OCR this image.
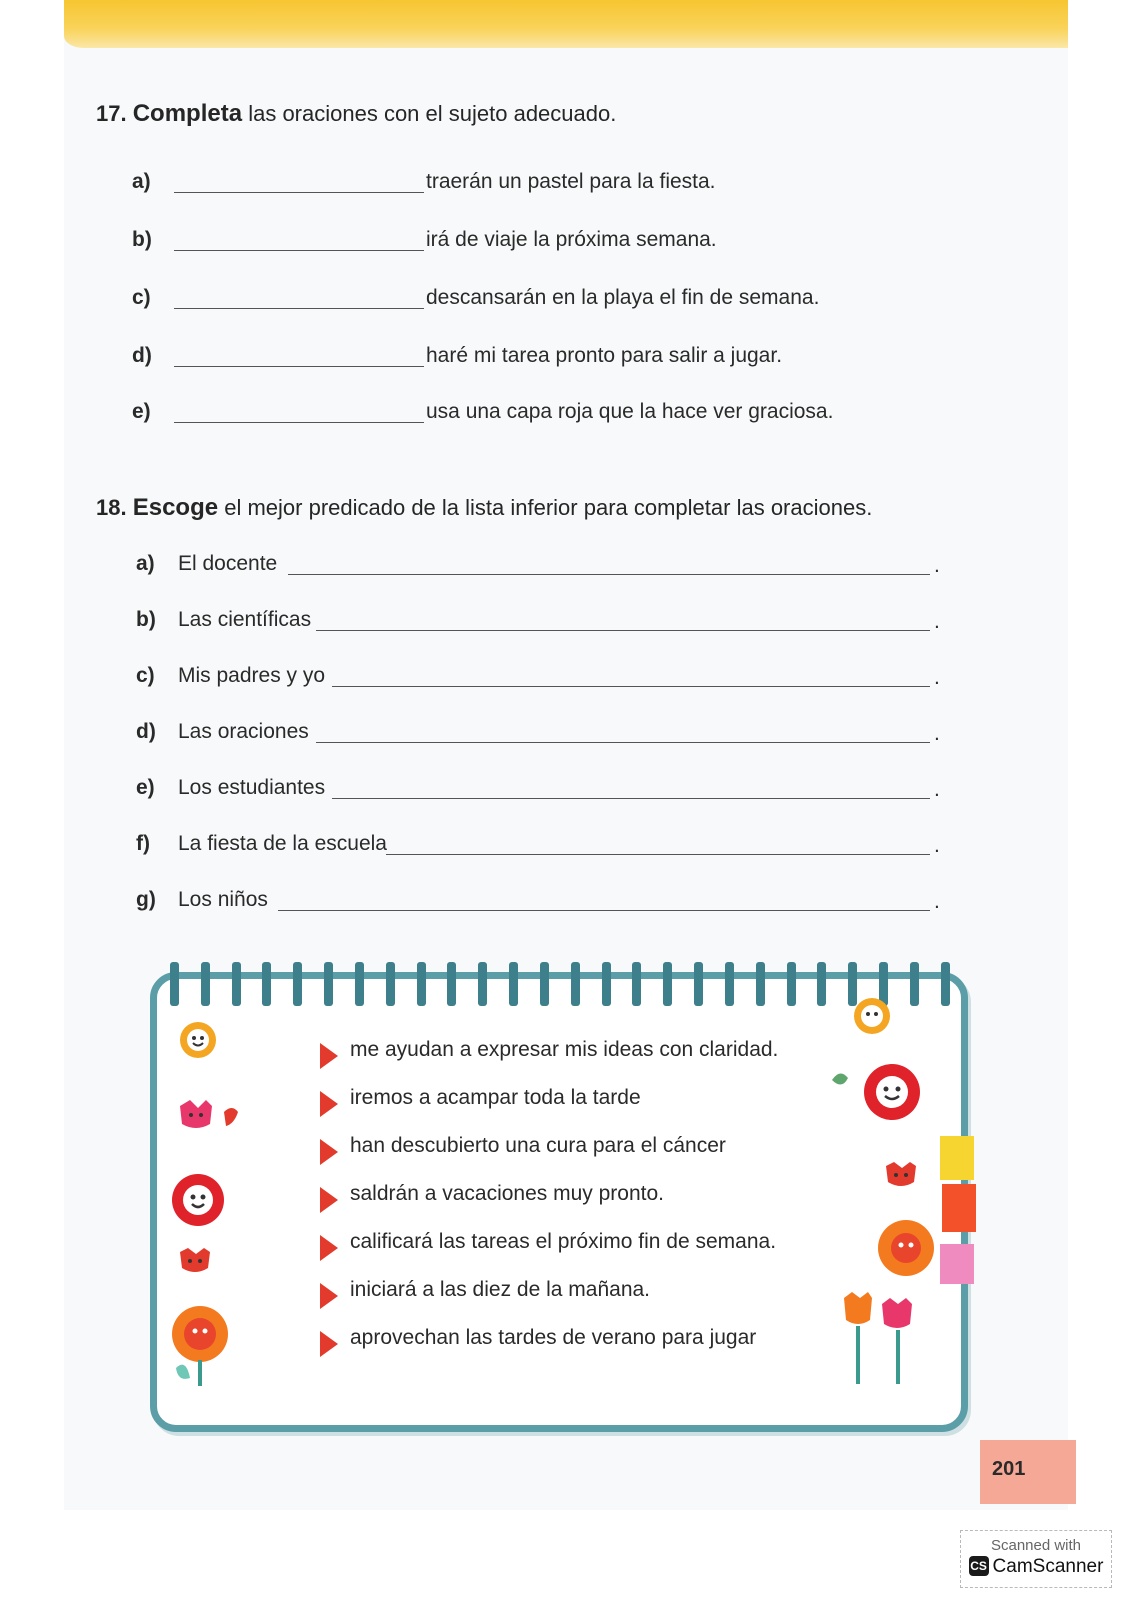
17. Completa las oraciones con el sujeto adecuado.
a)	traerán un pastel para la fiesta.
b)	irá de viaje la próxima semana.
c)	descansarán en la playa el fin de semana.
d)	haré mi tarea pronto para salir a jugar.
e)	usa una capa roja que la hace ver graciosa.
18. Escoge el mejor predicado de la lista inferior para completar las oraciones.
a) El docente	.
b) Las científicas	.
c) Mis padres y yo	.
d) Las oraciones	.
e) Los estudiantes	.
f) La fiesta de la escuela	.
g) Los niños	.
me ayudan a expresar mis ideas con claridad.
iremos a acampar toda la tarde
han descubierto una cura para el cáncer
saldrán a vacaciones muy pronto.
calificará las tareas el próximo fin de semana.
iniciará a las diez de la mañana.
aprovechan las tardes de verano para jugar
201
Scanned with
CS CamScanner
